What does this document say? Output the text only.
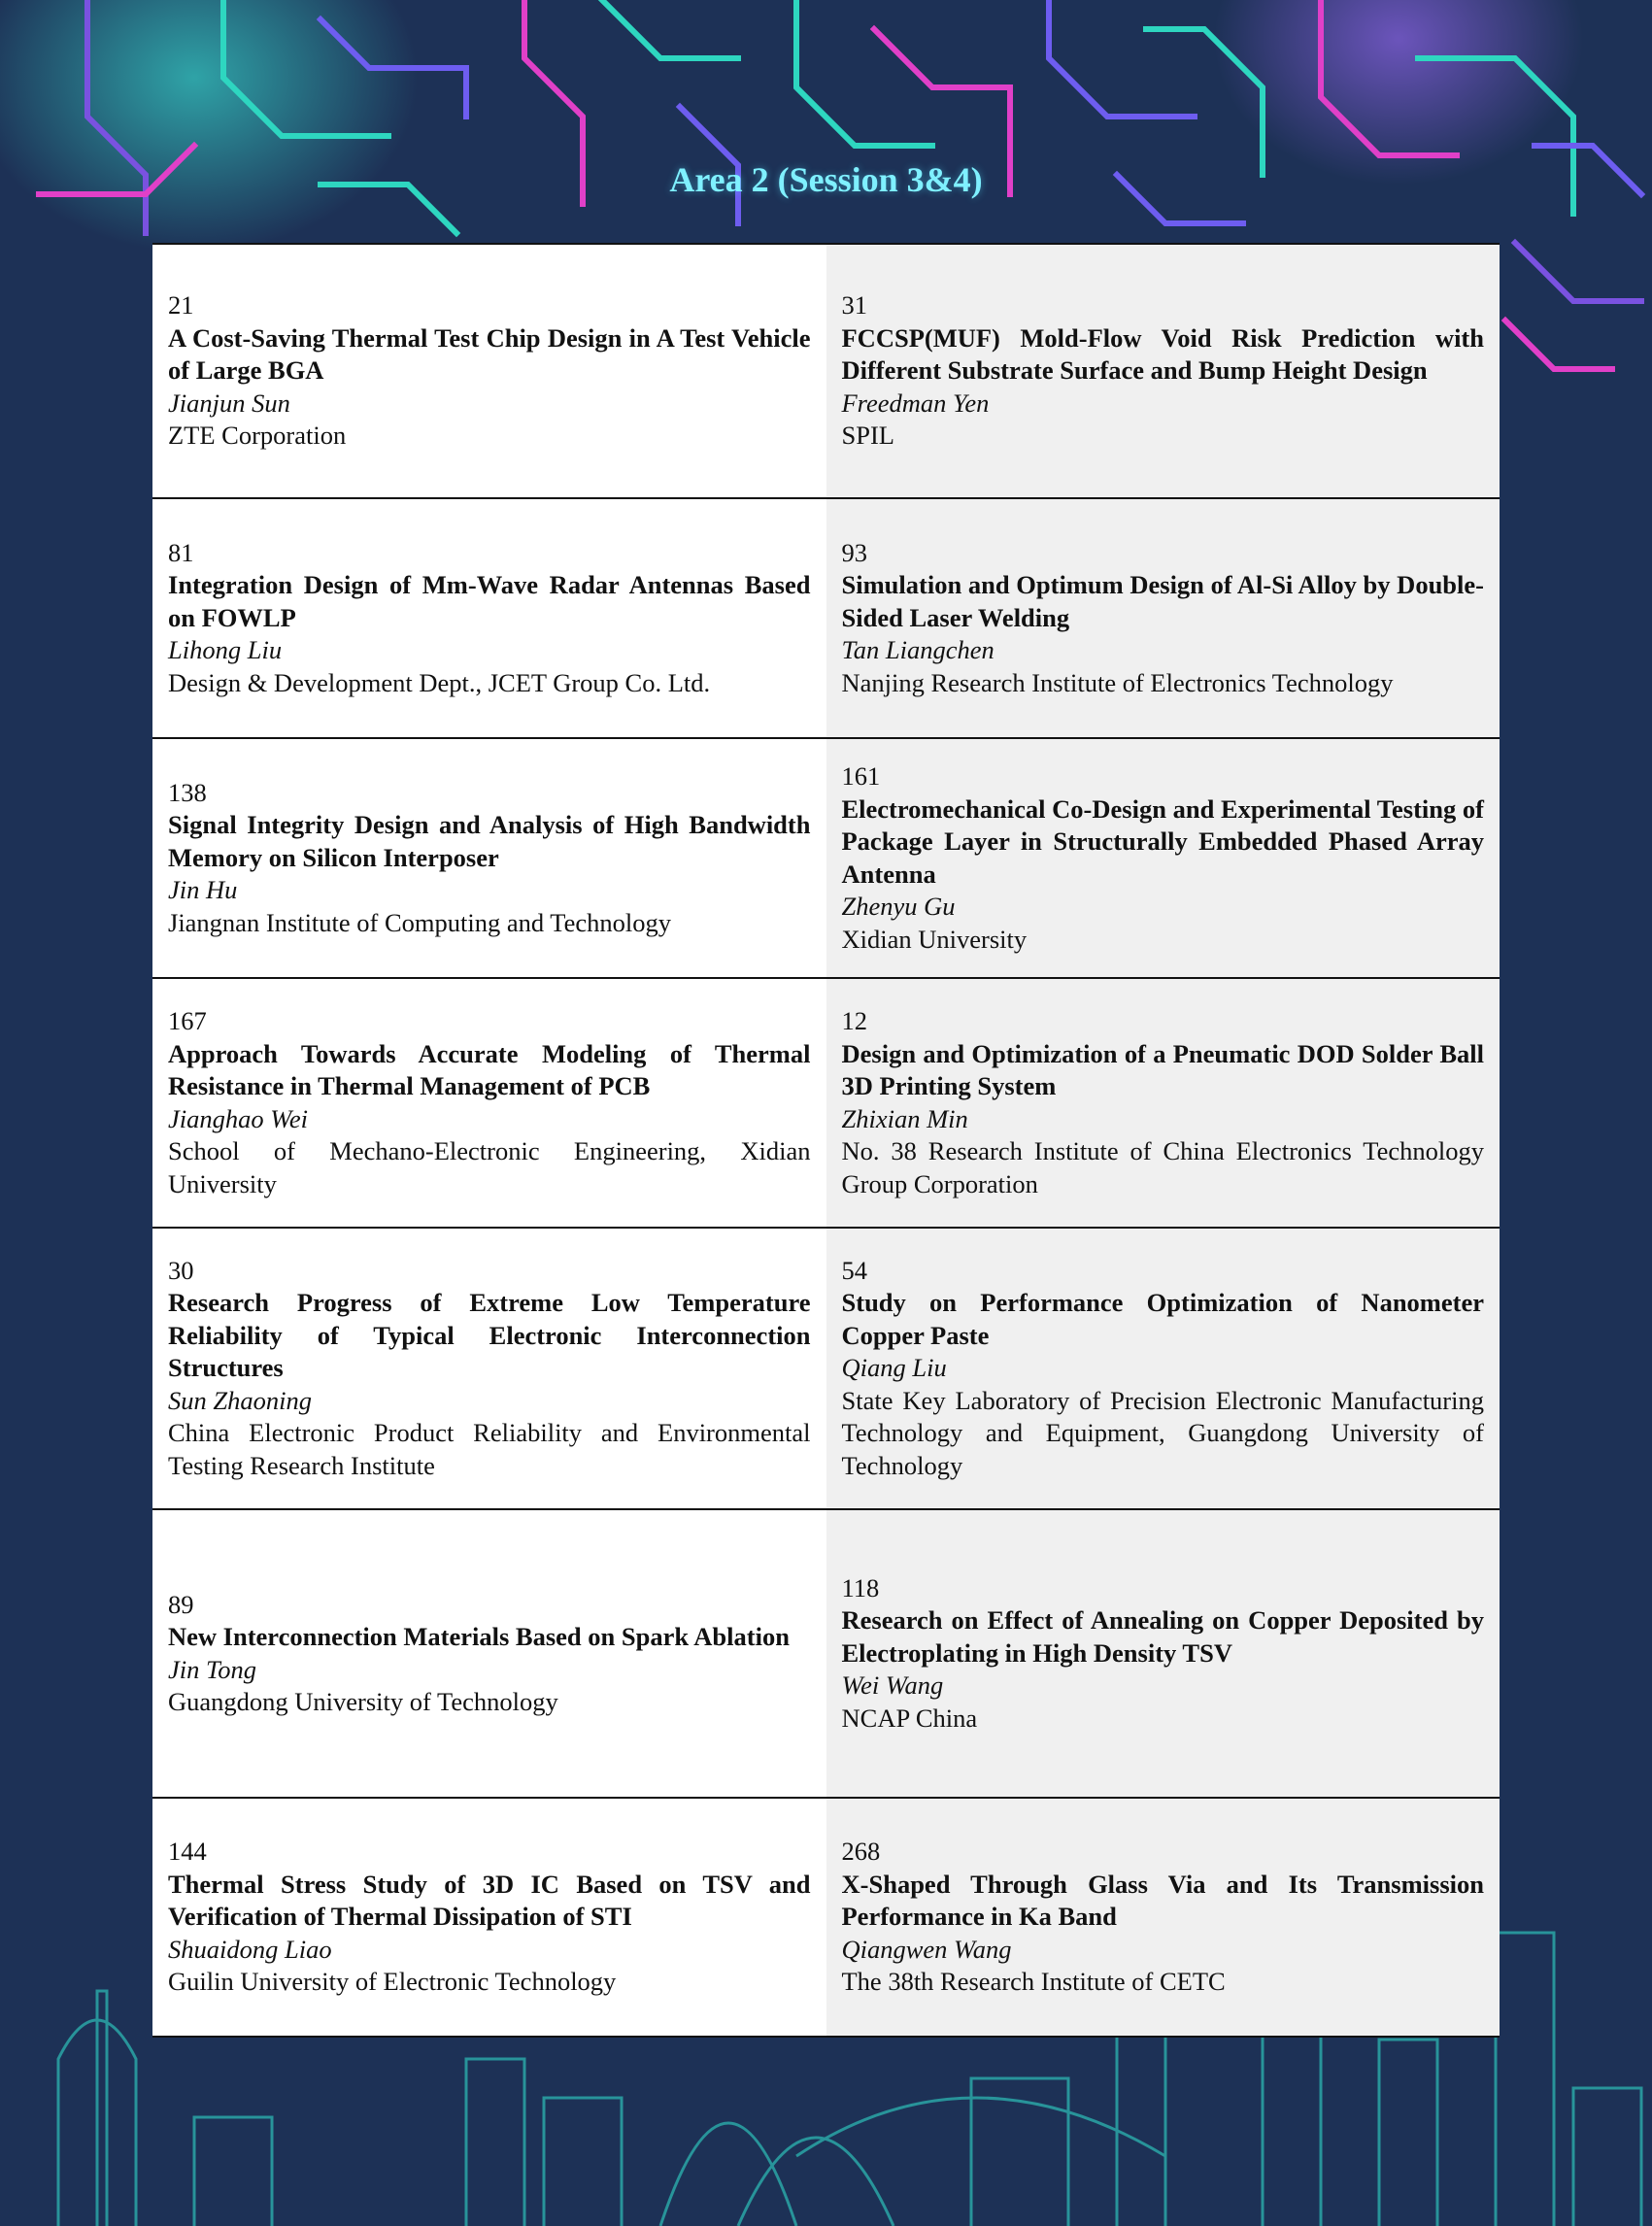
Area 2 (Session 3&4)
21
A Cost-Saving Thermal Test Chip Design in A Test Vehicle of Large BGA
Jianjun Sun
ZTE Corporation
31
FCCSP(MUF) Mold-Flow Void Risk Prediction with Different Substrate Surface and Bump Height Design
Freedman Yen
SPIL
81
Integration Design of Mm-Wave Radar Antennas Based on FOWLP
Lihong Liu
Design & Development Dept., JCET Group Co. Ltd.
93
Simulation and Optimum Design of Al-Si Alloy by Double-Sided Laser Welding
Tan Liangchen
Nanjing Research Institute of Electronics Technology
138
Signal Integrity Design and Analysis of High Bandwidth Memory on Silicon Interposer
Jin Hu
Jiangnan Institute of Computing and Technology
161
Electromechanical Co-Design and Experimental Testing of Package Layer in Structurally Embedded Phased Array Antenna
Zhenyu Gu
Xidian University
167
Approach Towards Accurate Modeling of Thermal Resistance in Thermal Management of PCB
Jianghao Wei
School of Mechano-Electronic Engineering, Xidian University
12
Design and Optimization of a Pneumatic DOD Solder Ball 3D Printing System
Zhixian Min
No. 38 Research Institute of China Electronics Technology Group Corporation
30
Research Progress of Extreme Low Temperature Reliability of Typical Electronic Interconnection Structures
Sun Zhaoning
China Electronic Product Reliability and Environmental Testing Research Institute
54
Study on Performance Optimization of Nanometer Copper Paste
Qiang Liu
State Key Laboratory of Precision Electronic Manufacturing Technology and Equipment, Guangdong University of Technology
89
New Interconnection Materials Based on Spark Ablation
Jin Tong
Guangdong University of Technology
118
Research on Effect of Annealing on Copper Deposited by Electroplating in High Density TSV
Wei Wang
NCAP China
144
Thermal Stress Study of 3D IC Based on TSV and Verification of Thermal Dissipation of STI
Shuaidong Liao
Guilin University of Electronic Technology
268
X-Shaped Through Glass Via and Its Transmission Performance in Ka Band
Qiangwen Wang
The 38th Research Institute of CETC
